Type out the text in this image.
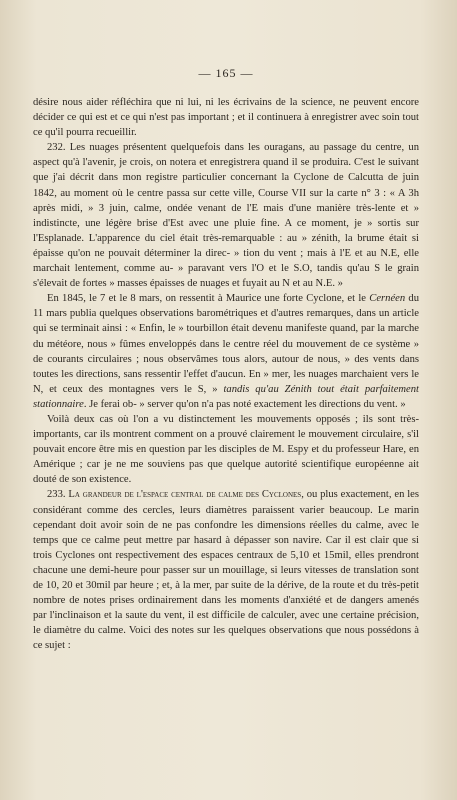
— 165 —

désire nous aider réfléchira que ni lui, ni les écrivains de la science, ne peuvent encore décider ce qui est et ce qui n'est pas important ; et il continuera à enregistrer avec soin tout ce qu'il pourra recueillir.

232. Les nuages présentent quelquefois dans les ouragans, au passage du centre, un aspect qu'à l'avenir, je crois, on notera et enregistrera quand il se produira. C'est le suivant que j'ai décrit dans mon registre particulier concernant la Cyclone de Calcutta de juin 1842, au moment où le centre passa sur cette ville, Course VII sur la carte n° 3 : « A 3h après midi, » 3 juin, calme, ondée venant de l'E mais d'une manière très-lente et » indistincte, une légère brise d'Est avec une pluie fine. A ce moment, je » sortis sur l'Esplanade. L'apparence du ciel était très-remarquable : au » zénith, la brume était si épaisse qu'on ne pouvait déterminer la direc- » tion du vent ; mais à l'E et au N.E, elle marchait lentement, comme au- » paravant vers l'O et le S.O, tandis qu'au S le grain s'élevait de fortes » masses épaisses de nuages et fuyait au N et au N.E. »

En 1845, le 7 et le 8 mars, on ressentit à Maurice une forte Cyclone, et le Cernéen du 11 mars publia quelques observations barométriques et d'autres remarques, dans un article qui se terminait ainsi : « Enfin, le » tourbillon était devenu manifeste quand, par la marche du météore, nous » fûmes enveloppés dans le centre réel du mouvement de ce système » de courants circulaires ; nous observâmes tous alors, autour de nous, » des vents dans toutes les directions, sans ressentir l'effet d'aucun. En » mer, les nuages marchaient vers le N, et ceux des montagnes vers le S, » tandis qu'au Zénith tout était parfaitement stationnaire. Je ferai ob- » server qu'on n'a pas noté exactement les directions du vent. »

Voilà deux cas où l'on a vu distinctement les mouvements opposés ; ils sont très-importants, car ils montrent comment on a prouvé clairement le mouvement circulaire, s'il pouvait encore être mis en question par les disciples de M. Espy et du professeur Hare, en Amérique ; car je ne me souviens pas que quelque autorité scientifique européenne ait douté de son existence.

233. La grandeur de l'espace central de calme des Cyclones, ou plus exactement, en les considérant comme des cercles, leurs diamètres paraissent varier beaucoup. Le marin cependant doit avoir soin de ne pas confondre les dimensions réelles du calme, avec le temps que ce calme peut mettre par hasard à dépasser son navire. Car il est clair que si trois Cyclones ont respectivement des espaces centraux de 5,10 et 15mil, elles prendront chacune une demi-heure pour passer sur un mouillage, si leurs vitesses de translation sont de 10, 20 et 30mil par heure ; et, à la mer, par suite de la dérive, de la route et du très-petit nombre de notes prises ordinairement dans les moments d'anxiété et de dangers amenés par l'inclinaison et la saute du vent, il est difficile de calculer, avec une certaine précision, le diamètre du calme. Voici des notes sur les quelques observations que nous possédons à ce sujet :
